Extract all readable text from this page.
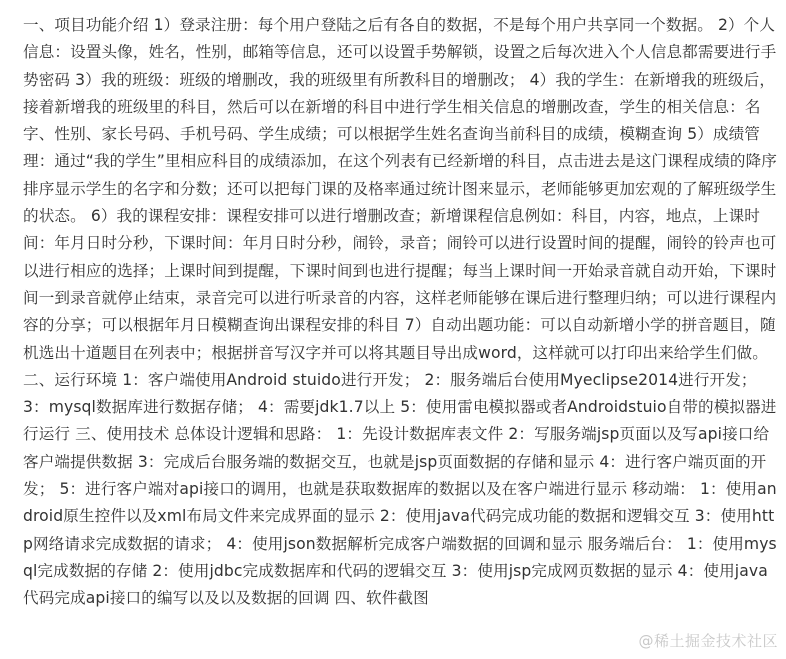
一、项目功能介绍 1）登录注册：每个用户登陆之后有各自的数据，不是每个用户共享同一个数据。 2）个人信息：设置头像，姓名，性别，邮箱等信息，还可以设置手势解锁，设置之后每次进入个人信息都需要进行手势密码 3）我的班级：班级的增删改，我的班级里有所教科目的增删改； 4）我的学生：在新增我的班级后，接着新增我的班级里的科目，然后可以在新增的科目中进行学生相关信息的增删改查，学生的相关信息：名字、性别、家长号码、手机号码、学生成绩；可以根据学生姓名查询当前科目的成绩，模糊查询 5）成绩管理：通过“我的学生”里相应科目的成绩添加，在这个列表有已经新增的科目，点击进去是这门课程成绩的降序排序显示学生的名字和分数；还可以把每门课的及格率通过统计图来显示，老师能够更加宏观的了解班级学生的状态。 6）我的课程安排：课程安排可以进行增删改查；新增课程信息例如：科目，内容，地点，上课时间：年月日时分秒，下课时间：年月日时分秒，闹铃，录音；闹铃可以进行设置时间的提醒，闹铃的铃声也可以进行相应的选择；上课时间到提醒，下课时间到也进行提醒；每当上课时间一开始录音就自动开始，下课时间一到录音就停止结束，录音完可以进行听录音的内容，这样老师能够在课后进行整理归纳；可以进行课程内容的分享；可以根据年月日模糊查询出课程安排的科目 7）自动出题功能：可以自动新增小学的拼音题目，随机选出十道题目在列表中；根据拼音写汉字并可以将其题目导出成word，这样就可以打印出来给学生们做。 二、运行环境 1：客户端使用Android stuido进行开发； 2：服务端后台使用Myeclipse2014进行开发； 3：mysql数据库进行数据存储； 4：需要jdk1.7以上 5：使用雷电模拟器或者Androidstuio自带的模拟器进行运行 三、使用技术 总体设计逻辑和思路： 1：先设计数据库表文件 2：写服务端jsp页面以及写api接口给客户端提供数据 3：完成后台服务端的数据交互，也就是jsp页面数据的存储和显示 4：进行客户端页面的开发； 5：进行客户端对api接口的调用，也就是获取数据库的数据以及在客户端进行显示 移动端： 1：使用android原生控件以及xml布局文件来完成界面的显示 2：使用java代码完成功能的数据和逻辑交互 3：使用http网络请求完成数据的请求； 4：使用json数据解析完成客户端数据的回调和显示 服务端后台： 1：使用mysql完成数据的存储 2：使用jdbc完成数据库和代码的逻辑交互 3：使用jsp完成网页数据的显示 4：使用java代码完成api接口的编写以及以及数据的回调 四、软件截图

@稀土掘金技术社区
